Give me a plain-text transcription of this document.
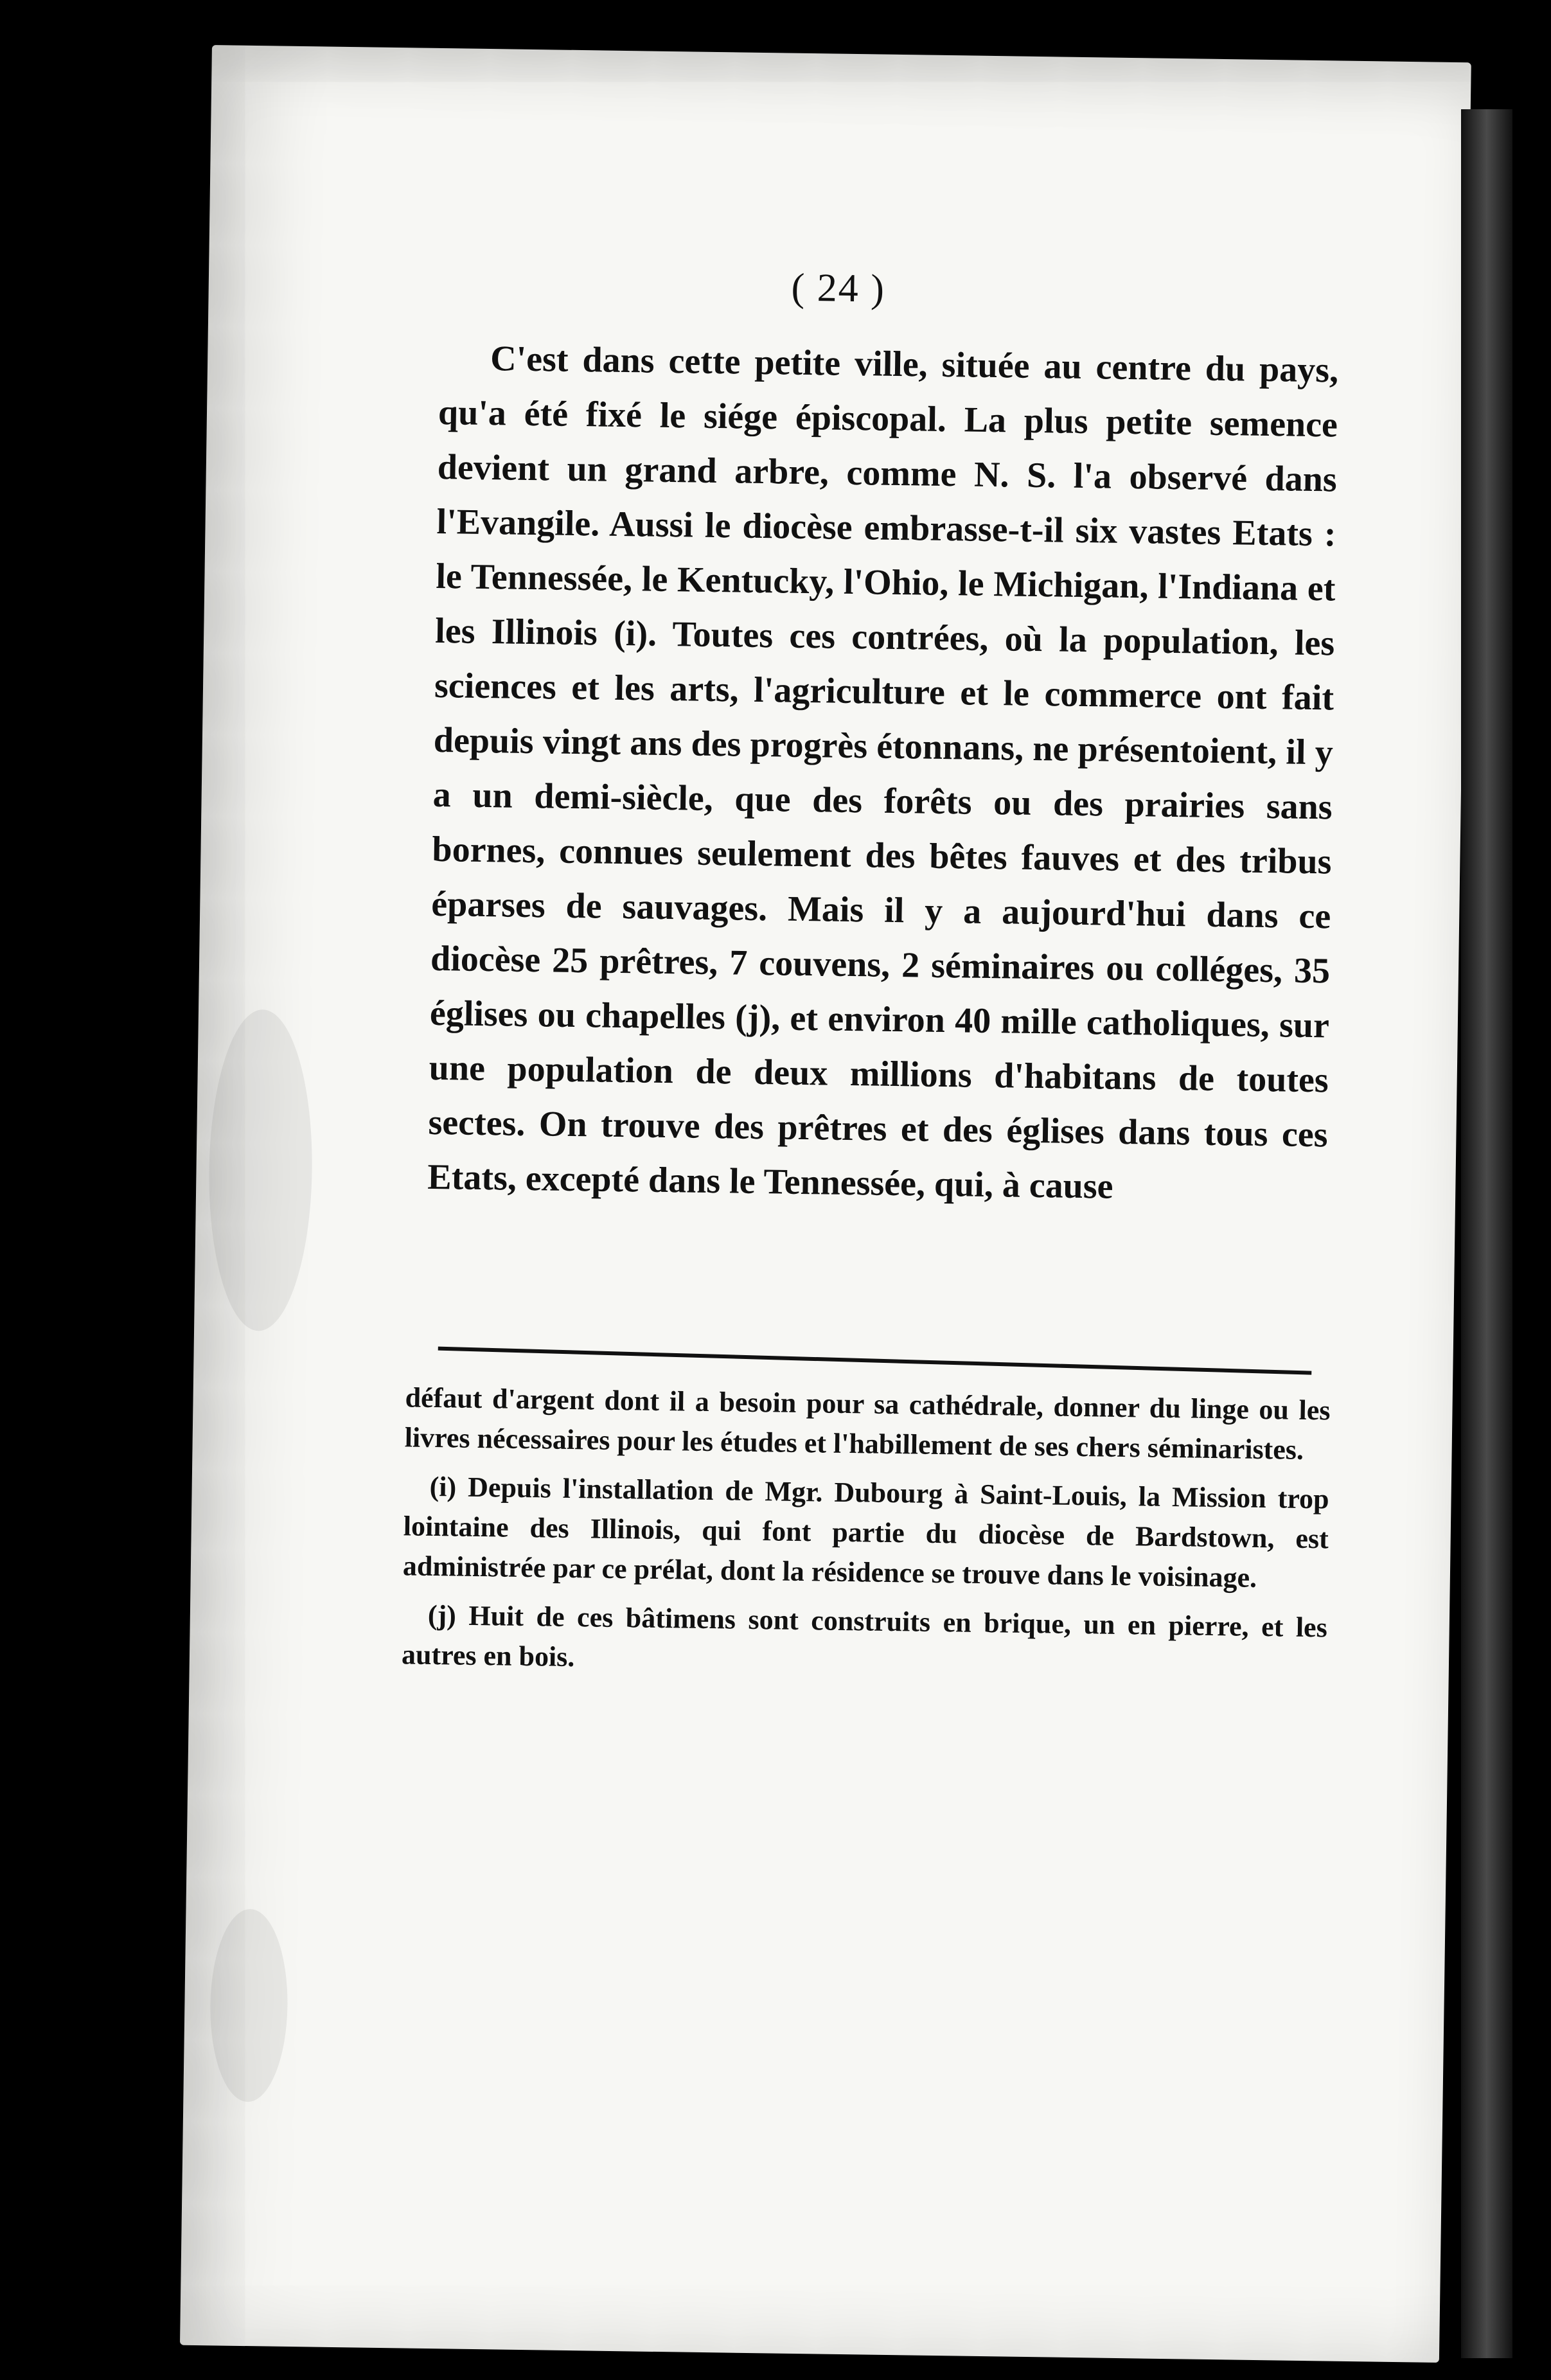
( 24 )

C'est dans cette petite ville, située au centre du pays, qu'a été fixé le siége épiscopal. La plus petite semence devient un grand arbre, comme N. S. l'a observé dans l'Evangile. Aussi le diocèse embrasse-t-il six vastes Etats : le Tennessée, le Kentucky, l'Ohio, le Michigan, l'Indiana et les Illinois (i). Toutes ces contrées, où la population, les sciences et les arts, l'agriculture et le commerce ont fait depuis vingt ans des progrès étonnans, ne présentoient, il y a un demi-siècle, que des forêts ou des prairies sans bornes, connues seulement des bêtes fauves et des tribus éparses de sauvages. Mais il y a aujourd'hui dans ce diocèse 25 prêtres, 7 couvens, 2 séminaires ou colléges, 35 églises ou chapelles (j), et environ 40 mille catholiques, sur une population de deux millions d'habitans de toutes sectes. On trouve des prêtres et des églises dans tous ces Etats, excepté dans le Tennessée, qui, à cause

défaut d'argent dont il a besoin pour sa cathédrale, donner du linge ou les livres nécessaires pour les études et l'habillement de ses chers séminaristes.

(i) Depuis l'installation de Mgr. Dubourg à Saint-Louis, la Mission trop lointaine des Illinois, qui font partie du diocèse de Bardstown, est administrée par ce prélat, dont la résidence se trouve dans le voisinage.

(j) Huit de ces bâtimens sont construits en brique, un en pierre, et les autres en bois.
